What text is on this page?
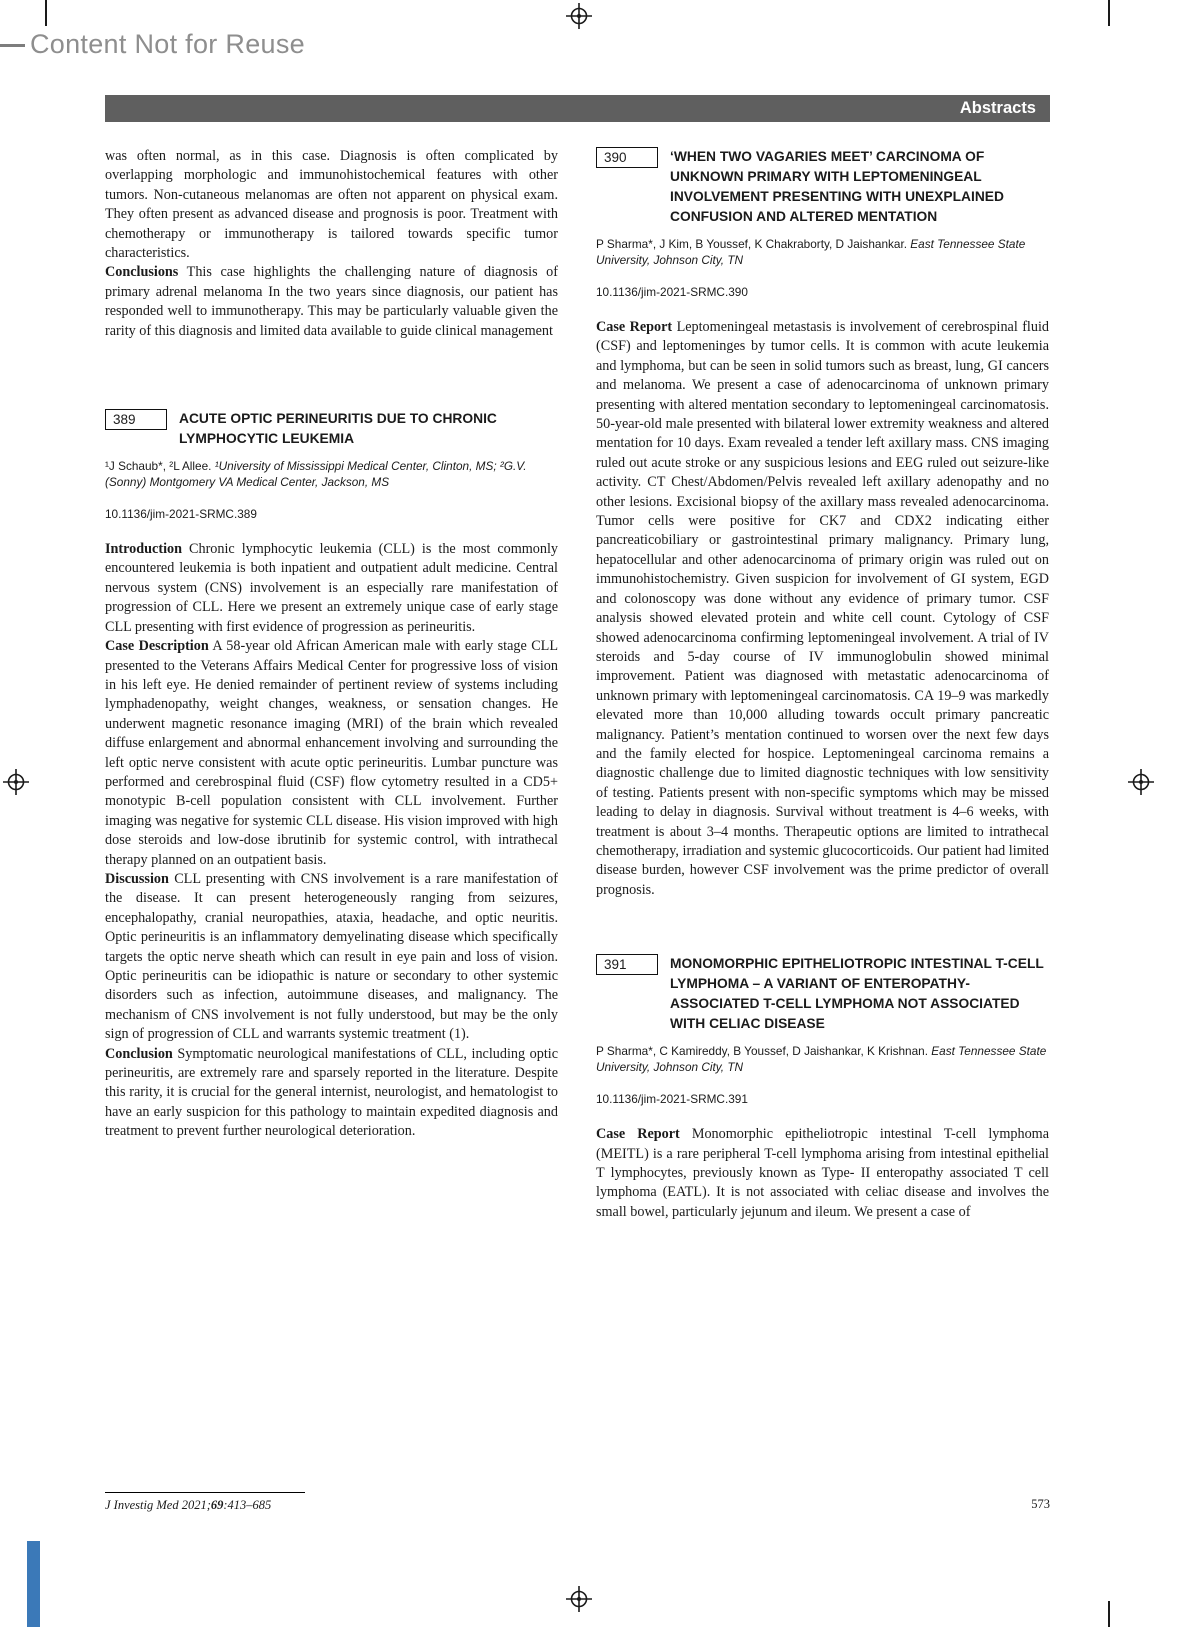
Content Not for Reuse
Abstracts

was often normal, as in this case. Diagnosis is often complicated by overlapping morphologic and immunohistochemical features with other tumors. Non-cutaneous melanomas are often not apparent on physical exam. They often present as advanced disease and prognosis is poor. Treatment with chemotherapy or immunotherapy is tailored towards specific tumor characteristics.

Conclusions This case highlights the challenging nature of diagnosis of primary adrenal melanoma In the two years since diagnosis, our patient has responded well to immunotherapy. This may be particularly valuable given the rarity of this diagnosis and limited data available to guide clinical management

389	ACUTE OPTIC PERINEURITIS DUE TO CHRONIC LYMPHOCYTIC LEUKEMIA
¹J Schaub*, ²L Allee. ¹University of Mississippi Medical Center, Clinton, MS; ²G.V. (Sonny) Montgomery VA Medical Center, Jackson, MS
10.1136/jim-2021-SRMC.389

Introduction Chronic lymphocytic leukemia (CLL) is the most commonly encountered leukemia is both inpatient and outpatient adult medicine. Central nervous system (CNS) involvement is an especially rare manifestation of progression of CLL. Here we present an extremely unique case of early stage CLL presenting with first evidence of progression as perineuritis.

Case Description A 58-year old African American male with early stage CLL presented to the Veterans Affairs Medical Center for progressive loss of vision in his left eye. He denied remainder of pertinent review of systems including lymphadenopathy, weight changes, weakness, or sensation changes. He underwent magnetic resonance imaging (MRI) of the brain which revealed diffuse enlargement and abnormal enhancement involving and surrounding the left optic nerve consistent with acute optic perineuritis. Lumbar puncture was performed and cerebrospinal fluid (CSF) flow cytometry resulted in a CD5+ monotypic B-cell population consistent with CLL involvement. Further imaging was negative for systemic CLL disease. His vision improved with high dose steroids and low-dose ibrutinib for systemic control, with intrathecal therapy planned on an outpatient basis.

Discussion CLL presenting with CNS involvement is a rare manifestation of the disease. It can present heterogeneously ranging from seizures, encephalopathy, cranial neuropathies, ataxia, headache, and optic neuritis. Optic perineuritis is an inflammatory demyelinating disease which specifically targets the optic nerve sheath which can result in eye pain and loss of vision. Optic perineuritis can be idiopathic is nature or secondary to other systemic disorders such as infection, autoimmune diseases, and malignancy. The mechanism of CNS involvement is not fully understood, but may be the only sign of progression of CLL and warrants systemic treatment (1).

Conclusion Symptomatic neurological manifestations of CLL, including optic perineuritis, are extremely rare and sparsely reported in the literature. Despite this rarity, it is crucial for the general internist, neurologist, and hematologist to have an early suspicion for this pathology to maintain expedited diagnosis and treatment to prevent further neurological deterioration.

390	‘WHEN TWO VAGARIES MEET’ CARCINOMA OF UNKNOWN PRIMARY WITH LEPTOMENINGEAL INVOLVEMENT PRESENTING WITH UNEXPLAINED CONFUSION AND ALTERED MENTATION
P Sharma*, J Kim, B Youssef, K Chakraborty, D Jaishankar. East Tennessee State University, Johnson City, TN
10.1136/jim-2021-SRMC.390

Case Report Leptomeningeal metastasis is involvement of cerebrospinal fluid (CSF) and leptomeninges by tumor cells. It is common with acute leukemia and lymphoma, but can be seen in solid tumors such as breast, lung, GI cancers and melanoma. We present a case of adenocarcinoma of unknown primary presenting with altered mentation secondary to leptomeningeal carcinomatosis. 50-year-old male presented with bilateral lower extremity weakness and altered mentation for 10 days. Exam revealed a tender left axillary mass. CNS imaging ruled out acute stroke or any suspicious lesions and EEG ruled out seizure-like activity. CT Chest/Abdomen/Pelvis revealed left axillary adenopathy and no other lesions. Excisional biopsy of the axillary mass revealed adenocarcinoma. Tumor cells were positive for CK7 and CDX2 indicating either pancreaticobiliary or gastrointestinal primary malignancy. Primary lung, hepatocellular and other adenocarcinoma of primary origin was ruled out on immunohistochemistry. Given suspicion for involvement of GI system, EGD and colonoscopy was done without any evidence of primary tumor. CSF analysis showed elevated protein and white cell count. Cytology of CSF showed adenocarcinoma confirming leptomeningeal involvement. A trial of IV steroids and 5-day course of IV immunoglobulin showed minimal improvement. Patient was diagnosed with metastatic adenocarcinoma of unknown primary with leptomeningeal carcinomatosis. CA 19–9 was markedly elevated more than 10,000 alluding towards occult primary pancreatic malignancy. Patient’s mentation continued to worsen over the next few days and the family elected for hospice. Leptomeningeal carcinoma remains a diagnostic challenge due to limited diagnostic techniques with low sensitivity of testing. Patients present with non-specific symptoms which may be missed leading to delay in diagnosis. Survival without treatment is 4–6 weeks, with treatment is about 3–4 months. Therapeutic options are limited to intrathecal chemotherapy, irradiation and systemic glucocorticoids. Our patient had limited disease burden, however CSF involvement was the prime predictor of overall prognosis.

391	MONOMORPHIC EPITHELIOTROPIC INTESTINAL T-CELL LYMPHOMA – A VARIANT OF ENTEROPATHY-ASSOCIATED T-CELL LYMPHOMA NOT ASSOCIATED WITH CELIAC DISEASE
P Sharma*, C Kamireddy, B Youssef, D Jaishankar, K Krishnan. East Tennessee State University, Johnson City, TN
10.1136/jim-2021-SRMC.391

Case Report Monomorphic epitheliotropic intestinal T-cell lymphoma (MEITL) is a rare peripheral T-cell lymphoma arising from intestinal epithelial T lymphocytes, previously known as Type- II enteropathy associated T cell lymphoma (EATL). It is not associated with celiac disease and involves the small bowel, particularly jejunum and ileum. We present a case of

J Investig Med 2021;69:413–685	573
